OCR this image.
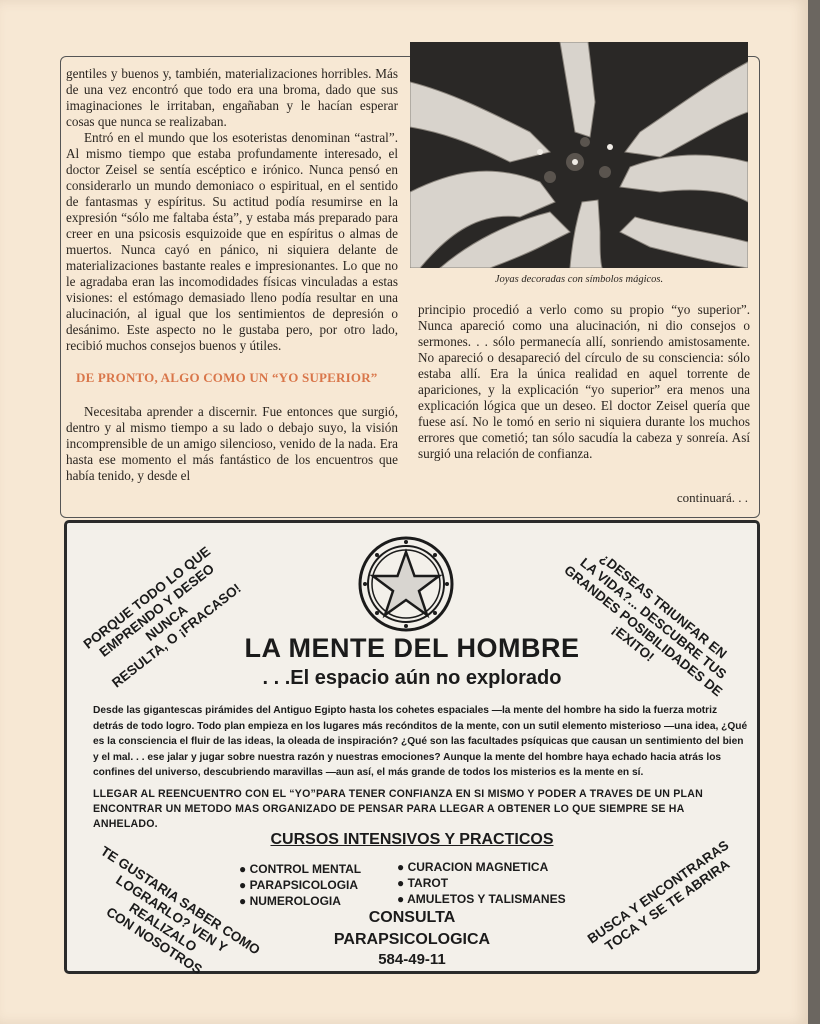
gentiles y buenos y, también, materializaciones horribles. Más de una vez encontró que todo era una broma, dado que sus imaginaciones le irritaban, engañaban y le hacían esperar cosas que nunca se realizaban.

Entró en el mundo que los esoteristas denominan “astral”. Al mismo tiempo que estaba profundamente interesado, el doctor Zeisel se sentía escéptico e irónico. Nunca pensó en considerarlo un mundo demoniaco o espiritual, en el sentido de fantasmas y espíritus. Su actitud podía resumirse en la expresión “sólo me faltaba ésta”, y estaba más preparado para creer en una psicosis esquizoide que en espíritus o almas de muertos. Nunca cayó en pánico, ni siquiera delante de materializaciones bastante reales e impresionantes. Lo que no le agradaba eran las incomodidades físicas vinculadas a estas visiones: el estómago demasiado lleno podía resultar en una alucinación, al igual que los sentimientos de depresión o desánimo. Este aspecto no le gustaba pero, por otro lado, recibió muchos consejos buenos y útiles.

DE PRONTO, ALGO COMO UN “YO SUPERIOR”

Necesitaba aprender a discernir. Fue entonces que surgió, dentro y al mismo tiempo a su lado o debajo suyo, la visión incomprensible de un amigo silencioso, venido de la nada. Era hasta ese momento el más fantástico de los encuentros que había tenido, y desde el

Joyas decoradas con símbolos mágicos.

principio procedió a verlo como su propio “yo superior”. Nunca apareció como una alucinación, ni dio consejos o sermones. . . sólo permanecía allí, sonriendo amistosamente. No apareció o desapareció del círculo de su consciencia: sólo estaba allí. Era la única realidad en aquel torrente de apariciones, y la explicación “yo superior” era menos una explicación lógica que un deseo. El doctor Zeisel quería que fuese así. No le tomó en serio ni siquiera durante los muchos errores que cometió; tan sólo sacudía la cabeza y sonreía. Así surgió una relación de confianza.

continuará. . .
PORQUE TODO LO QUE
EMPRENDO Y DESEO NUNCA
RESULTA, O ¡FRACASO!	¿DESEAS TRIUNFAR EN
LA VIDA?... DESCUBRE TUS
GRANDES POSIBILIDADES DE ¡EXITO!
LA MENTE DEL HOMBRE
. . .El espacio aún no explorado
Desde las gigantescas pirámides del Antiguo Egipto hasta los cohetes espaciales —la mente del hombre ha sido la fuerza motriz detrás de todo logro. Todo plan empieza en los lugares más recónditos de la mente, con un sutil elemento misterioso —una idea, ¿Qué es la consciencia el fluir de las ideas, la oleada de inspiración? ¿Qué son las facultades psíquicas que causan un sentimiento del bien y el mal. . . ese jalar y jugar sobre nuestra razón y nuestras emociones? Aunque la mente del hombre haya echado hacia atrás los confines del universo, descubriendo maravillas —aun así, el más grande de todos los misterios es la mente en sí.
LLEGAR AL REENCUENTRO CON EL “YO”PARA TENER CONFIANZA EN SI MISMO Y PODER A TRAVES DE UN PLAN ENCONTRAR UN METODO MAS ORGANIZADO DE PENSAR PARA LLEGAR A OBTENER LO QUE SIEMPRE SE HA ANHELADO.
CURSOS INTENSIVOS Y PRACTICOS
● CONTROL MENTAL
● PARAPSICOLOGIA
● NUMEROLOGIA
● CURACION MAGNETICA
● TAROT
● AMULETOS Y TALISMANES
CONSULTA
PARAPSICOLOGICA
584-49-11
TE GUSTARIA SABER COMO
LOGRARLO? VEN Y REALIZALO
CON NOSOTROS	BUSCA Y ENCONTRARAS
TOCA Y SE TE ABRIRA
